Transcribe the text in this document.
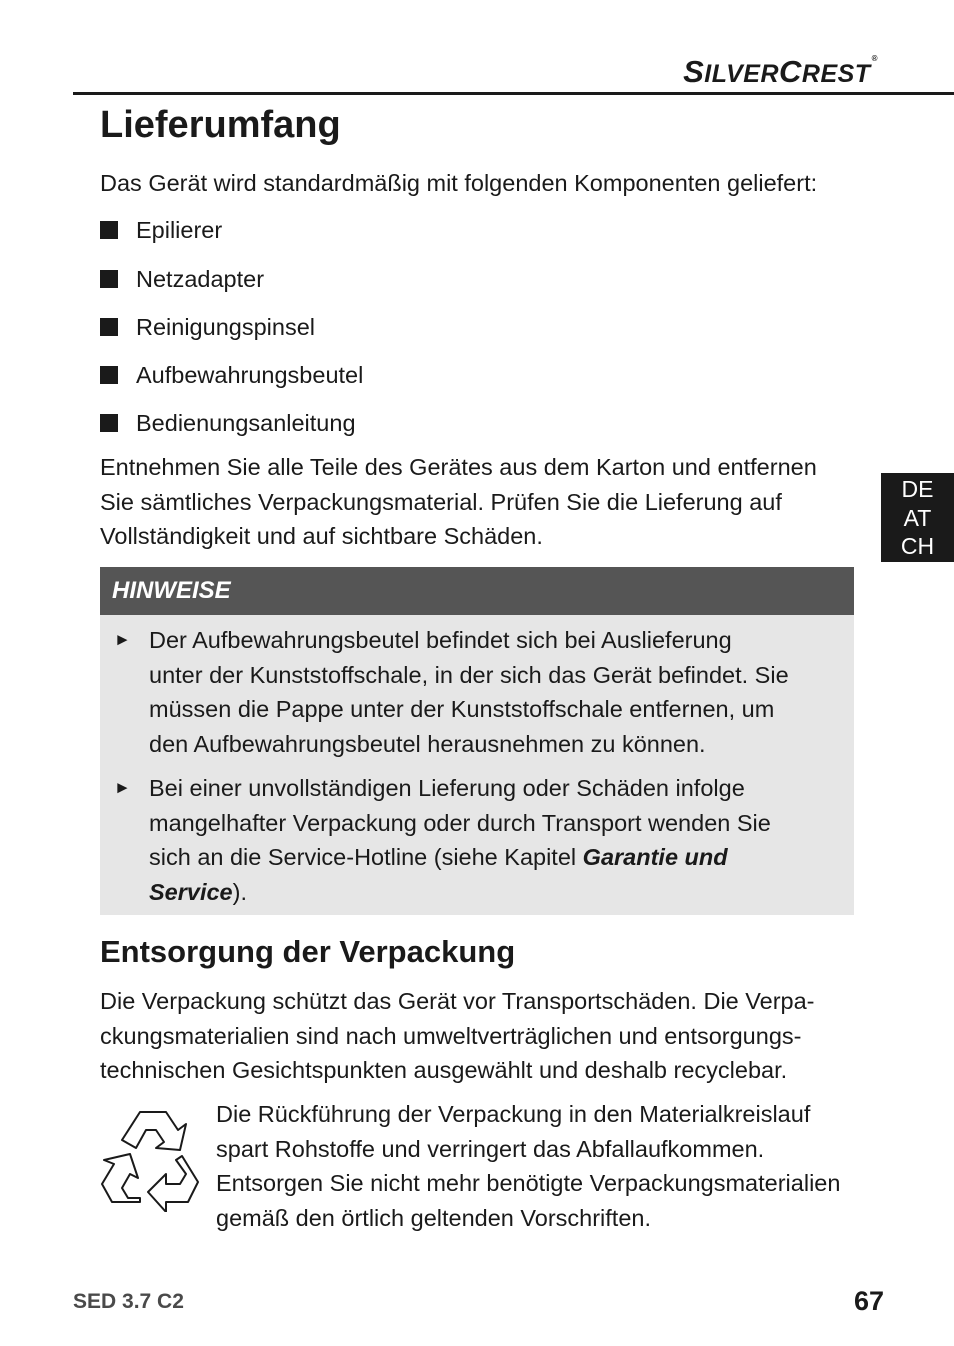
SILVERCREST®
Lieferumfang

Das Gerät wird standardmäßig mit folgenden Komponenten geliefert:

Epilierer
Netzadapter
Reinigungspinsel
Aufbewahrungsbeutel
Bedienungsanleitung
Entnehmen Sie alle Teile des Gerätes aus dem Karton und entfernen
Sie sämtliches Verpackungsmaterial. Prüfen Sie die Lieferung auf
Vollständigkeit und auf sichtbare Schäden.
DE
AT
CH
HINWEISE
► Der Aufbewahrungsbeutel befindet sich bei Auslieferung
unter der Kunststoffschale, in der sich das Gerät befindet. Sie
müssen die Pappe unter der Kunststoffschale entfernen, um
den Aufbewahrungsbeutel herausnehmen zu können.
► Bei einer unvollständigen Lieferung oder Schäden infolge
mangelhafter Verpackung oder durch Transport wenden Sie
sich an die Service-Hotline (siehe Kapitel Garantie und
Service).
Entsorgung der Verpackung
Die Verpackung schützt das Gerät vor Transportschäden. Die Verpa-
ckungsmaterialien sind nach umweltverträglichen und entsorgungs-
technischen Gesichtspunkten ausgewählt und deshalb recyclebar.
Die Rückführung der Verpackung in den Materialkreislauf
spart Rohstoffe und verringert das Abfallaufkommen.
Entsorgen Sie nicht mehr benötigte Verpackungsmaterialien
gemäß den örtlich geltenden Vorschriften.
SED 3.7 C2	67
